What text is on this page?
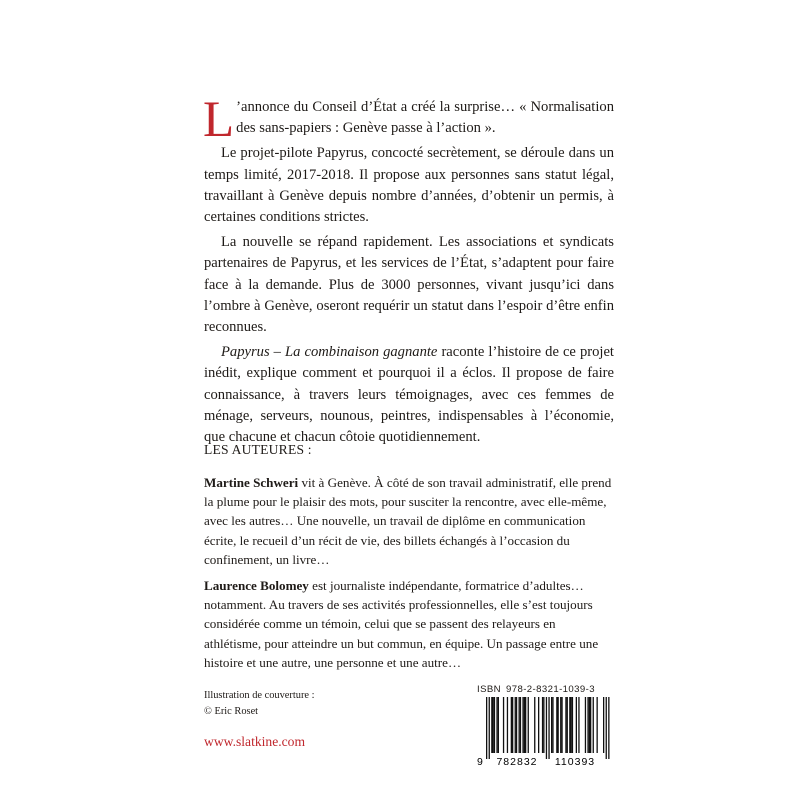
L ’annonce du Conseil d’État a créé la surprise… « Normalisation des sans-papiers : Genève passe à l’action ».

Le projet-pilote Papyrus, concocté secrètement, se déroule dans un temps limité, 2017-2018. Il propose aux personnes sans statut légal, travaillant à Genève depuis nombre d’années, d’obtenir un permis, à certaines conditions strictes.

La nouvelle se répand rapidement. Les associations et syndicats partenaires de Papyrus, et les services de l’État, s’adaptent pour faire face à la demande. Plus de 3000 personnes, vivant jusqu’ici dans l’ombre à Genève, oseront requérir un statut dans l’espoir d’être enfin reconnues.

Papyrus – La combinaison gagnante raconte l’histoire de ce projet inédit, explique comment et pourquoi il a éclos. Il propose de faire connaissance, à travers leurs témoignages, avec ces femmes de ménage, serveurs, nounous, peintres, indispensables à l’économie, que chacune et chacun côtoie quotidiennement.

LES AUTEURES :

Martine Schweri vit à Genève. À côté de son travail administratif, elle prend la plume pour le plaisir des mots, pour susciter la rencontre, avec elle-même, avec les autres… Une nouvelle, un travail de diplôme en communication écrite, le recueil d’un récit de vie, des billets échangés à l’occasion du confinement, un livre…

Laurence Bolomey est journaliste indépendante, formatrice d’adultes… notamment. Au travers de ses activités professionnelles, elle s’est toujours considérée comme un témoin, celui que se passent des relayeurs en athlétisme, pour atteindre un but commun, en équipe. Un passage entre une histoire et une autre, une personne et une autre…

Illustration de couverture :
© Eric Roset
www.slatkine.com
ISBN 978-2-8321-1039-3
9 782832 110393
